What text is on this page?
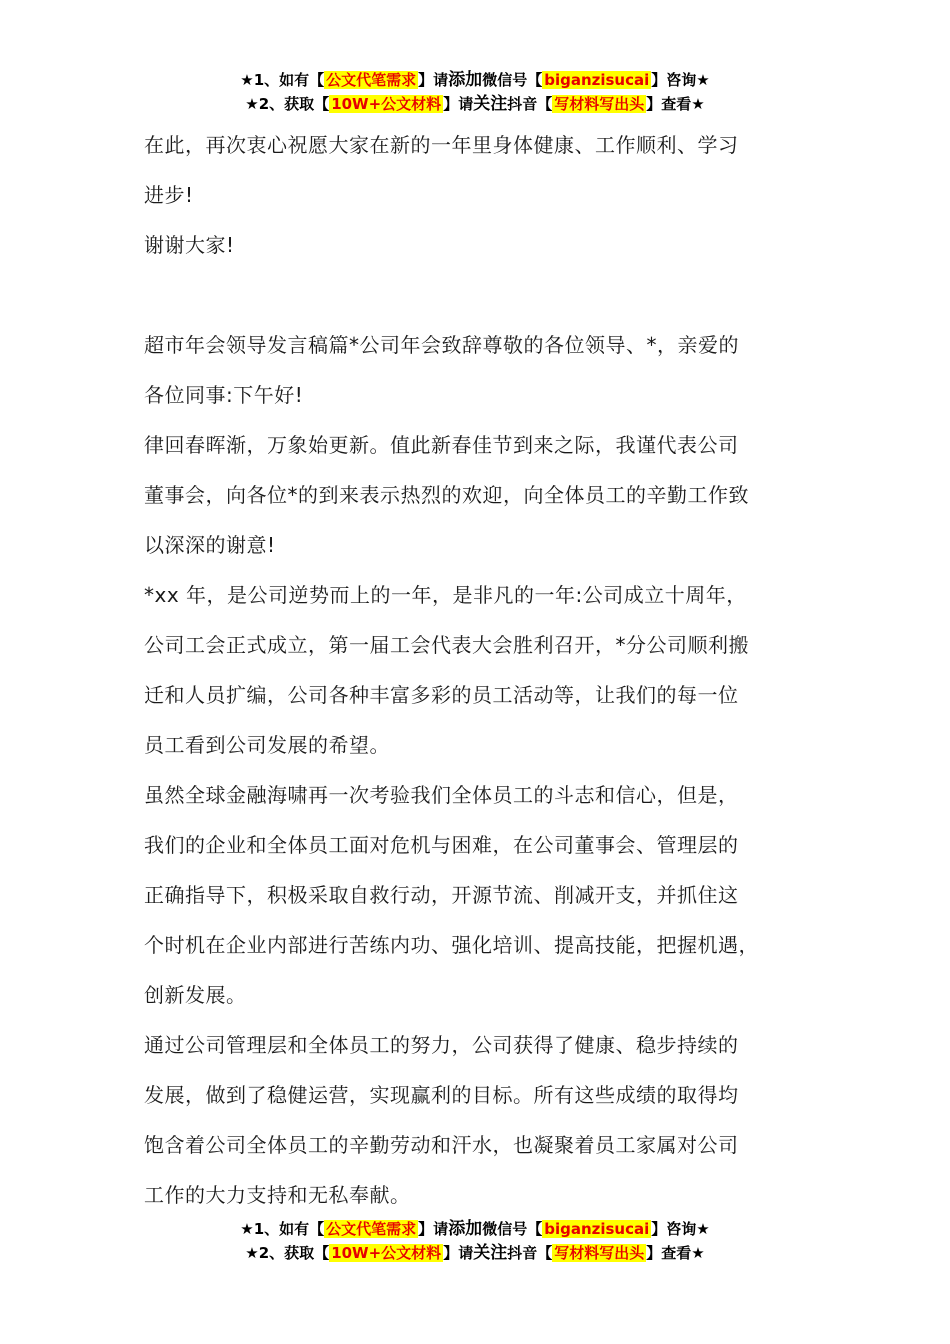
★1、如有【 公文代笔需求 】请添加微信号【 biganzisucai 】咨询★
★2、获取【 10W+公文材料 】请关注抖音【 写材料写出头 】查看★

在此，再次衷心祝愿大家在新的一年里身体健康、工作顺利、学习

进步!

谢谢大家!

超市年会领导发言稿篇*公司年会致辞尊敬的各位领导、*，亲爱的

各位同事:下午好!

律回春晖渐，万象始更新。值此新春佳节到来之际，我谨代表公司

董事会，向各位*的到来表示热烈的欢迎，向全体员工的辛勤工作致

以深深的谢意!

*xx 年，是公司逆势而上的一年，是非凡的一年:公司成立十周年，

公司工会正式成立，第一届工会代表大会胜利召开，*分公司顺利搬

迁和人员扩编，公司各种丰富多彩的员工活动等，让我们的每一位

员工看到公司发展的希望。

虽然全球金融海啸再一次考验我们全体员工的斗志和信心，但是，

我们的企业和全体员工面对危机与困难，在公司董事会、管理层的

正确指导下，积极采取自救行动，开源节流、削减开支，并抓住这

个时机在企业内部进行苦练内功、强化培训、提高技能，把握机遇，

创新发展。

通过公司管理层和全体员工的努力，公司获得了健康、稳步持续的

发展，做到了稳健运营，实现赢利的目标。所有这些成绩的取得均

饱含着公司全体员工的辛勤劳动和汗水，也凝聚着员工家属对公司

工作的大力支持和无私奉献。

★1、如有【 公文代笔需求 】请添加微信号【 biganzisucai 】咨询★
★2、获取【 10W+公文材料 】请关注抖音【 写材料写出头 】查看★
